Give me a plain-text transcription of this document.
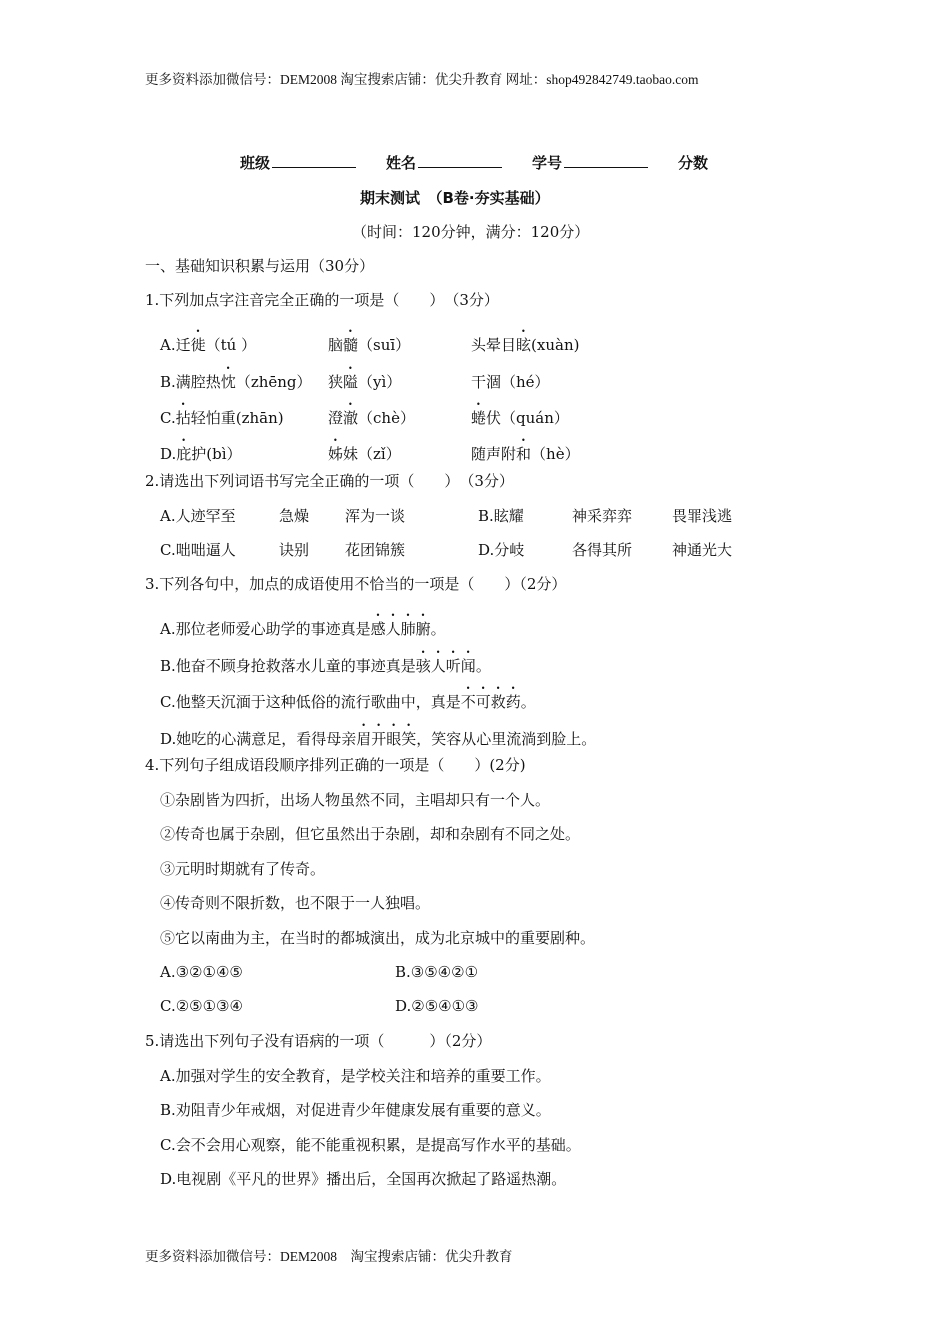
更多资料添加微信号：DEM2008 淘宝搜索店铺：优尖升教育 网址：shop492842749.taobao.com
班级	姓名	学号	分数
期末测试　（B卷·夯实基础）
（时间：120分钟，满分：120分）
一、基础知识积累与运用（30分）
1.下列加点字注音完全正确的一项是（　　）　（3分）
2.请选出下列词语书写完全正确的一项（　　）　（3分）
3.下列各句中，加点的成语使用不恰当的一项是（　　）（2分）
4.下列句子组成语段顺序排列正确的一项是（　　）(2分)
A.③②①④⑤	B.③⑤④②①
C.②⑤①③④	D.②⑤④①③
5.请选出下列句子没有语病的一项（　　　）（2分）
A.加强对学生的安全教育，是学校关注和培养的重要工作。
B.劝阻青少年戒烟，对促进青少年健康发展有重要的意义。
C.会不会用心观察，能不能重视积累，是提高写作水平的基础。
D.电视剧《平凡的世界》播出后，全国再次掀起了路遥热潮。
更多资料添加微信号：DEM2008　淘宝搜索店铺：优尖升教育
A.迁徙（tú ）	脑髓（suī）	头晕目眩(xuàn)
B.满腔热忱（zhēng） 狭隘（yì）	干涸（hé）
C.拈轻怕重(zhān)	澄澈（chè）	蜷伏（quán）
D.庇护(bì）	姊妹（zǐ）	随声附和（hè）
A.人迹罕至	急燥 浑为一谈	B.眩耀	神采弈弈	畏罪浅逃
C.咄咄逼人	诀别 花团锦簇	D.分岐	各得其所	神通光大
A.那位老师爱心助学的事迹真是感人肺腑。
B.他奋不顾身抢救落水儿童的事迹真是骇人听闻。
C.他整天沉湎于这种低俗的流行歌曲中，真是不可救药。
D.她吃的心满意足，看得母亲眉开眼笑，笑容从心里流淌到脸上。
①杂剧皆为四折，出场人物虽然不同，主唱却只有一个人。
②传奇也属于杂剧，但它虽然出于杂剧，却和杂剧有不同之处。
③元明时期就有了传奇。
④传奇则不限折数，也不限于一人独唱。
⑤它以南曲为主，在当时的都城演出，成为北京城中的重要剧种。
